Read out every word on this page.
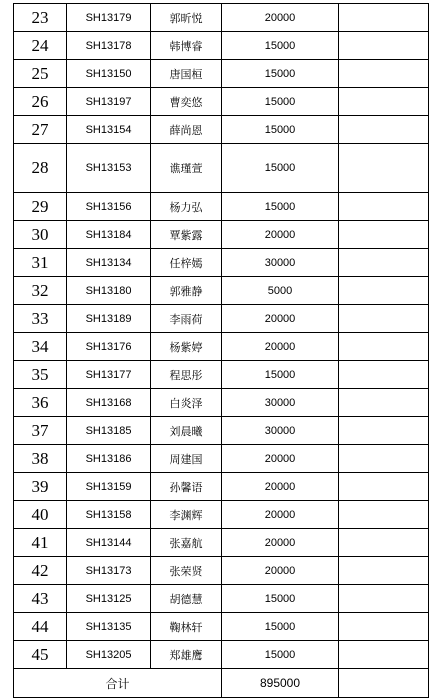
23	SH13179	郭昕悦	20000	
24	SH13178	韩博睿	15000	
25	SH13150	唐国桓	15000	
26	SH13197	曹奕悠	15000	
27	SH13154	薛尚恩	15000	
28	SH13153	谯瑾萱	15000	
29	SH13156	杨力弘	15000	
30	SH13184	覃紫露	20000	
31	SH13134	任梓嫣	30000	
32	SH13180	郭雅静	5000	
33	SH13189	李雨荷	20000	
34	SH13176	杨紫婷	20000	
35	SH13177	程思彤	15000	
36	SH13168	白炎泽	30000	
37	SH13185	刘晨曦	30000	
38	SH13186	周建国	20000	
39	SH13159	孙馨语	20000	
40	SH13158	李渊辉	20000	
41	SH13144	张嘉航	20000	
42	SH13173	张荣贤	20000	
43	SH13125	胡德慧	15000	
44	SH13135	鞠林轩	15000	
45	SH13205	郑雄鹰	15000	
合计			895000	
